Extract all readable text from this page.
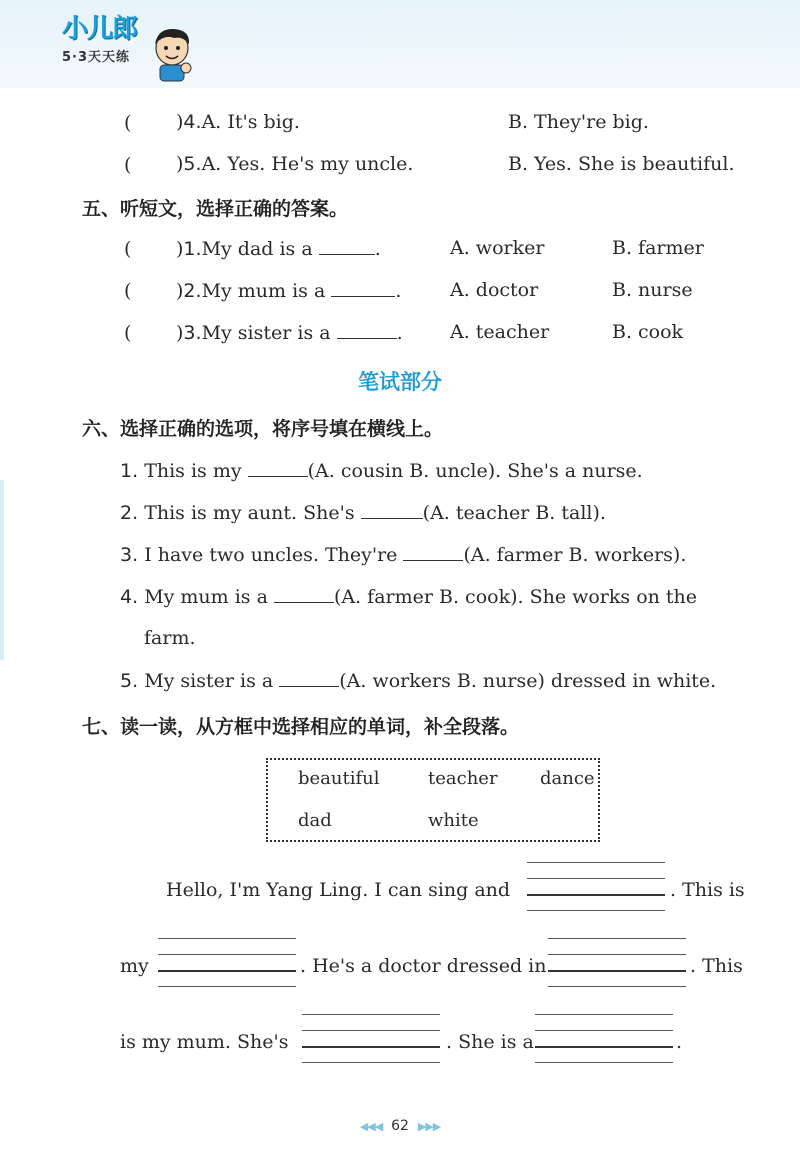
小儿郎
5·3天天练
( )4.A. It's big.	B. They're big.
( )5.A. Yes. He's my uncle.	B. Yes. She is beautiful.
五、听短文，选择正确的答案。
( )1.My dad is a	.	A. worker	B. farmer
( )2.My mum is a	.	A. doctor	B. nurse
( )3.My sister is a	. A. teacher	B. cook
笔试部分
六、选择正确的选项，将序号填在横线上。
1. This is my	(A. cousin B. uncle). She's a nurse.
2. This is my aunt. She's	(A. teacher B. tall).
3. I have two uncles. They're	(A. farmer B. workers).
4. My mum is a	(A. farmer B. cook). She works on the
farm.
5. My sister is a	(A. workers B. nurse) dressed in white.
七、读一读，从方框中选择相应的单词，补全段落。
beautiful	teacher dance
dad	white
Hello, I'm Yang Ling. I can sing and	. This is
my	. He's a doctor dressed in	. This
is my mum. She's	. She is a	.
◀◀◀ 62 ▶▶▶
